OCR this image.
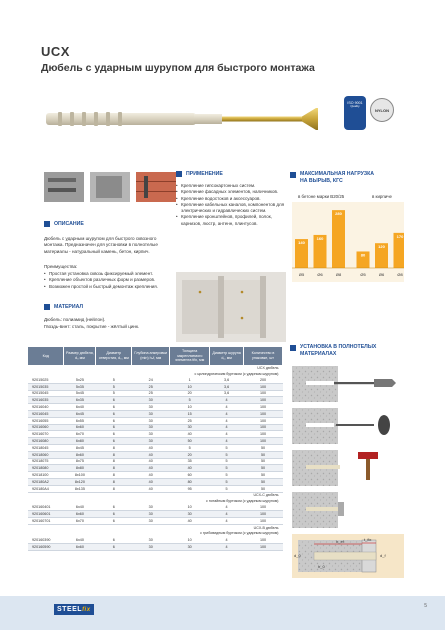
UCX
Дюбель с ударным шурупом для быстрого монтажа
ISO 9001
Quality
NYLON
ОПИСАНИЕ
Дюбель с ударным шурупом для быстрого сквозного монтажа. Предназначен для установки в полнотелые материалы - натуральный камень, бетон, кирпич.
Преимущества:
• Простая установка сквозь фиксируемый элемент.
• Крепление объектов различных форм и размеров.
• Возможен простой и быстрый демонтаж крепления.
МАТЕРИАЛ
Дюбель: полиамид (нейлон).
Гвоздь-винт: сталь, покрытие - жёлтый цинк.
ПРИМЕНЕНИЕ
• Крепление гипсокартонных систем.
• Крепление фасадных элементов, наличников.
• Крепление водостоков и аксессуаров.
• Крепление кабельных каналов, компонентов для электрических и гидравлических систем.
• Крепление кронштейнов, профилей, полок, карнизов, люстр, антенн, плинтусов.
МАКСИМАЛЬНАЯ НАГРУЗКА
НА ВЫРЫВ, КГС
в бетоне марки В20/25	в кирпиче
140
Ø5
160
Ø6
280
Ø8
80
Ø5
120
Ø6
170
Ø8
УСТАНОВКА В ПОЛНОТЕЛЫХ
МАТЕРИАЛАХ
h_ef	t_fix
h_0
d_0	d_f
Код	Размер дюбеля, d₀ мм	Диаметр отверстия, d₀, мм	Глубина анкеровки (min) hₑf, мм	Толщина закрепляемого элемента tfix, мм	Диаметр шурупа d₁, мм	Количество в упаковке, шт
UCX дюбель						
с цилиндрическим буртиком (с ударным шурупом)						
92015025	5x25	5	24	1	3,6	200
92015035	5x35	5	25	10	3,6	100
92015045	5x45	5	25	20	3,6	100
92016035	6x35	6	30	5	4	100
92016040	6x40	6	30	10	4	100
92016045	6x45	6	30	15	4	100
92016055	6x55	6	30	25	4	100
92016060	6x60	6	30	30	4	100
92016070	6x70	6	30	40	4	100
92016080	6x80	6	30	50	4	100
92018045	8x45	8	40	5	5	50
92018060	8x60	8	40	20	5	50
92018075	8x75	8	40	35	5	50
92018080	8x80	8	40	40	5	50
92018100	8x100	8	40	60	5	50
920180A2	8x120	8	40	80	5	50
920180A4	8x135	8	40	95	5	50
UCX-C дюбель						
с потайным буртиком (с ударным шурупом)						
920160401	6x40	6	30	10	4	100
920160601	6x60	6	30	30	4	100
920160701	6x70	6	30	40	4	100
UCX-B дюбель						
с грибовидным буртиком (с ударным шурупом)						
920160390	6x40	6	30	10	4	100
920160590	6x60	6	30	30	4	100
STEELfix
5
